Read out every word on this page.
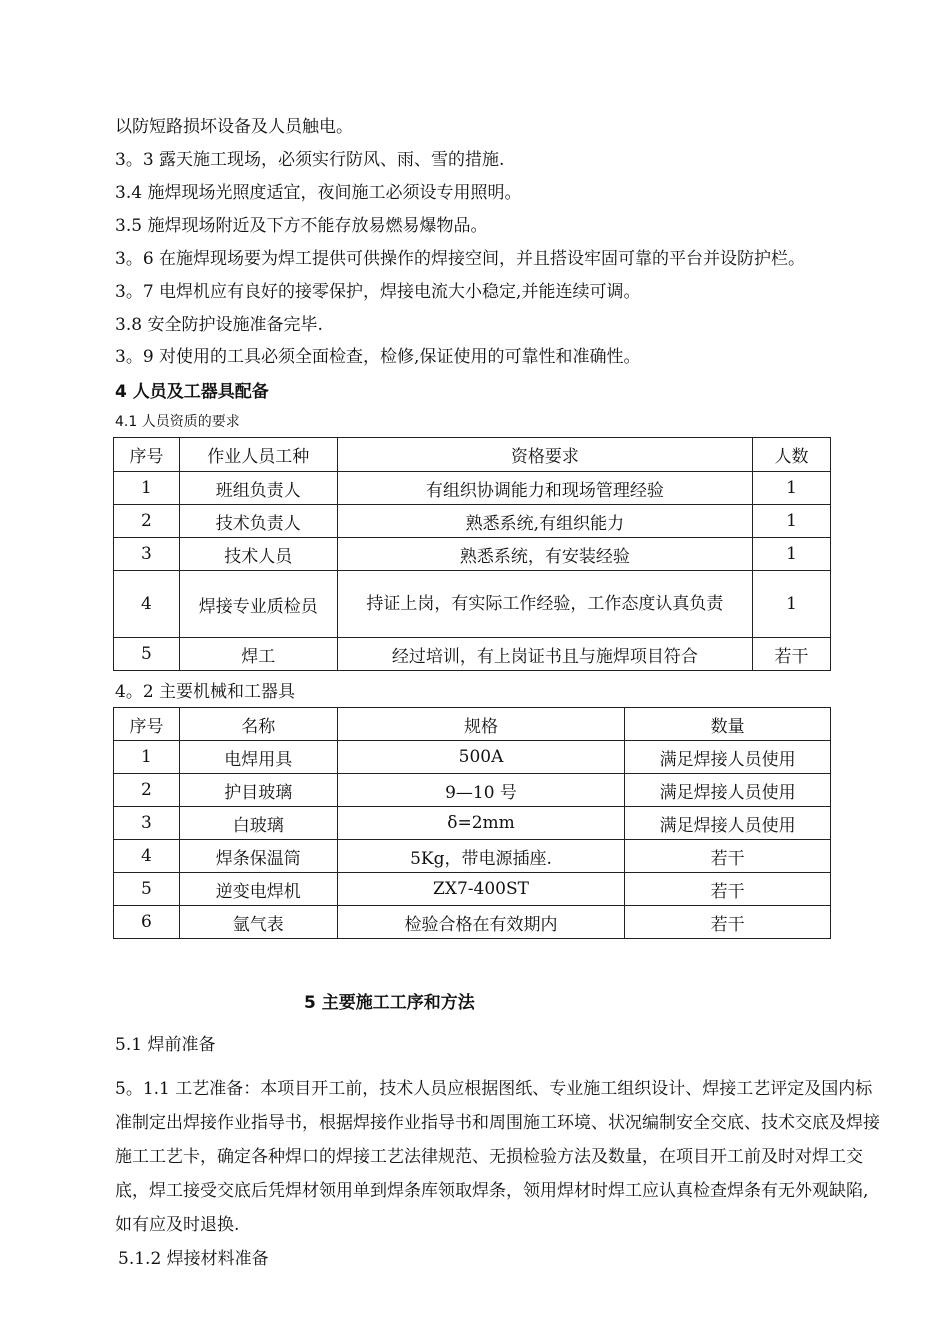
以防短路损坏设备及人员触电。
3。3 露天施工现场，必须实行防风、雨、雪的措施.
3.4 施焊现场光照度适宜，夜间施工必须设专用照明。
3.5 施焊现场附近及下方不能存放易燃易爆物品。
3。6 在施焊现场要为焊工提供可供操作的焊接空间，并且搭设牢固可靠的平台并设防护栏。
3。7 电焊机应有良好的接零保护，焊接电流大小稳定,并能连续可调。
3.8 安全防护设施准备完毕.
3。9 对使用的工具必须全面检查，检修,保证使用的可靠性和准确性。
4 人员及工器具配备
4.1 人员资质的要求
序号	作业人员工种	资格要求	人数
1	班组负责人	有组织协调能力和现场管理经验	1
2	技术负责人	熟悉系统,有组织能力	1
3	技术人员	熟悉系统，有安装经验	1
4	焊接专业质检员	持证上岗，有实际工作经验，工作态度认真负责	1
5	焊工	经过培训，有上岗证书且与施焊项目符合	若干
4。2 主要机械和工器具
序号	名称	规格	数量
1	电焊用具	500A	满足焊接人员使用
2	护目玻璃	9—10 号	满足焊接人员使用
3	白玻璃	δ=2mm	满足焊接人员使用
4	焊条保温筒	5Kg，带电源插座.	若干
5	逆变电焊机	ZX7-400ST	若干
6	氩气表	检验合格在有效期内	若干
5 主要施工工序和方法
5.1 焊前准备
5。1.1 工艺准备：本项目开工前，技术人员应根据图纸、专业施工组织设计、焊接工艺评定及国内标准制定出焊接作业指导书，根据焊接作业指导书和周围施工环境、状况编制安全交底、技术交底及焊接施工工艺卡，确定各种焊口的焊接工艺法律规范、无损检验方法及数量，在项目开工前及时对焊工交底，焊工接受交底后凭焊材领用单到焊条库领取焊条，领用焊材时焊工应认真检查焊条有无外观缺陷,如有应及时退换.
5.1.2 焊接材料准备
